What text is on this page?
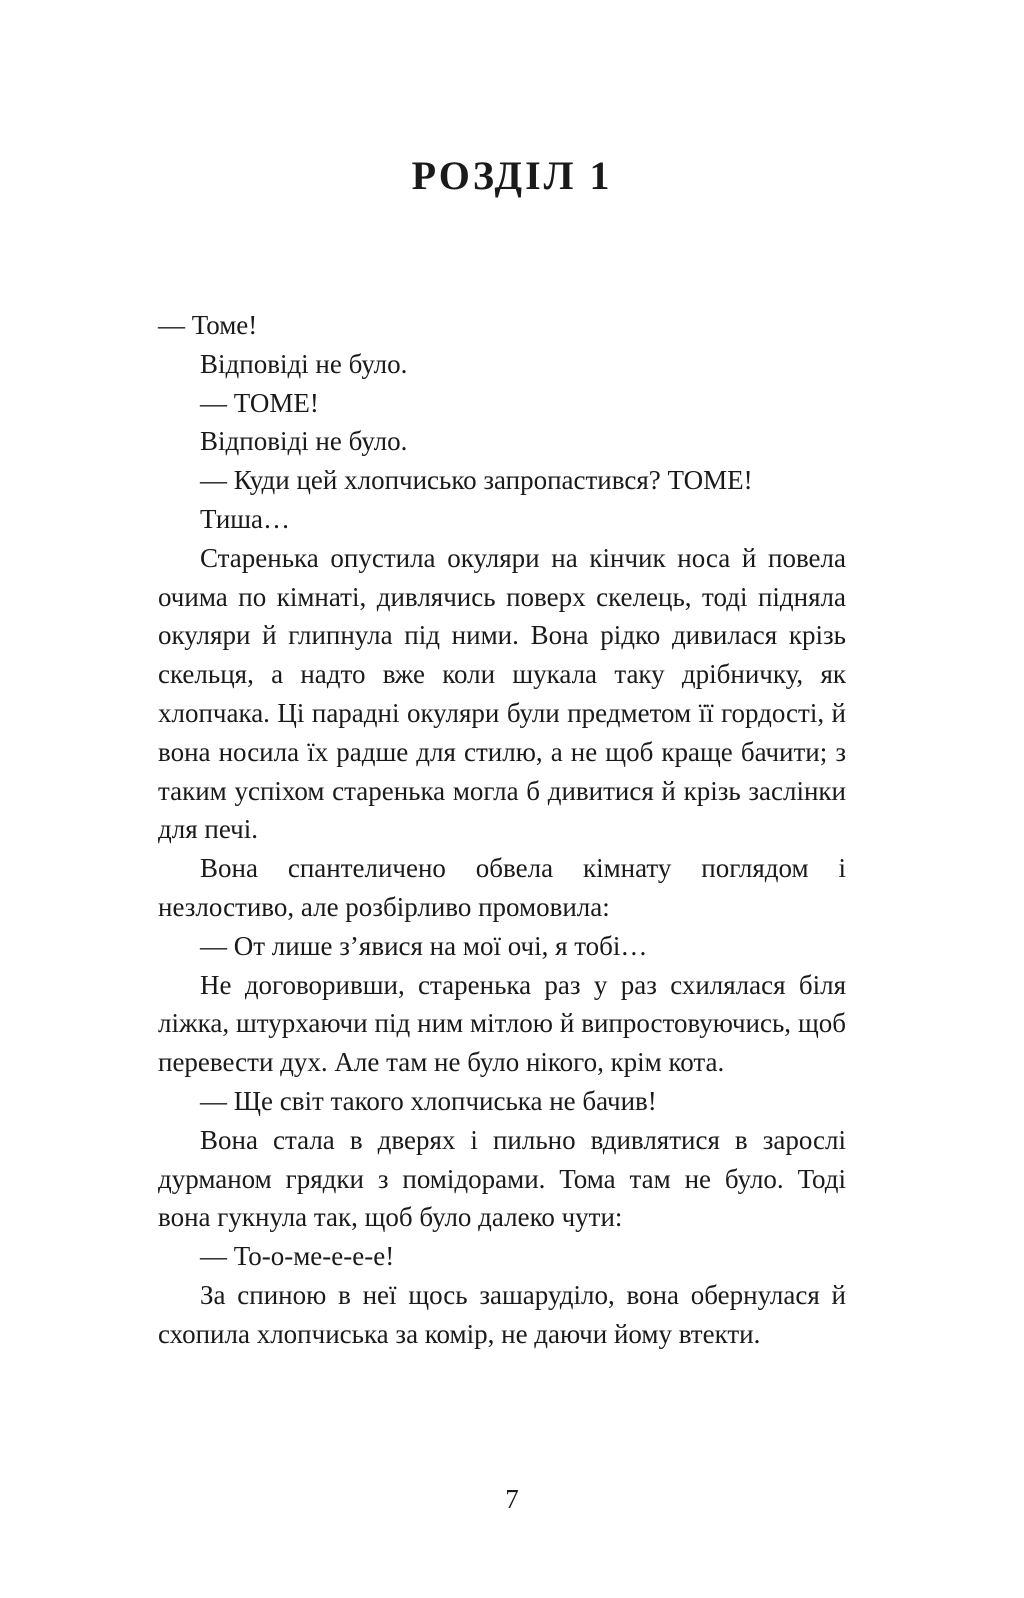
РОЗДІЛ 1

— Томе!

Відповіді не було.

— ТОМЕ!

Відповіді не було.

— Куди цей хлопчисько запропастився? ТОМЕ!

Тиша…

Старенька опустила окуляри на кінчик носа й повела очима по кімнаті, дивлячись поверх скелець, тоді підняла окуляри й глипнула під ними. Вона рідко дивилася крізь скельця, а надто вже коли шукала таку дрібничку, як хлопчака. Ці парадні окуляри були предметом її гордості, й вона носила їх радше для стилю, а не щоб краще бачити; з таким успіхом старенька могла б дивитися й крізь заслінки для печі.

Вона спантеличено обвела кімнату поглядом і незлостиво, але розбірливо промовила:

— От лише з’явися на мої очі, я тобі…

Не договоривши, старенька раз у раз схилялася біля ліжка, штурхаючи під ним мітлою й випростовуючись, щоб перевести дух. Але там не було нікого, крім кота.

— Ще світ такого хлопчиська не бачив!

Вона стала в дверях і пильно вдивлятися в зарослі дурманом грядки з помідорами. Тома там не було. Тоді вона гукнула так, щоб було далеко чути:

— То-о-ме-е-е-е!

За спиною в неї щось зашаруділо, вона обернулася й схопила хлопчиська за комір, не даючи йому втекти.

7
